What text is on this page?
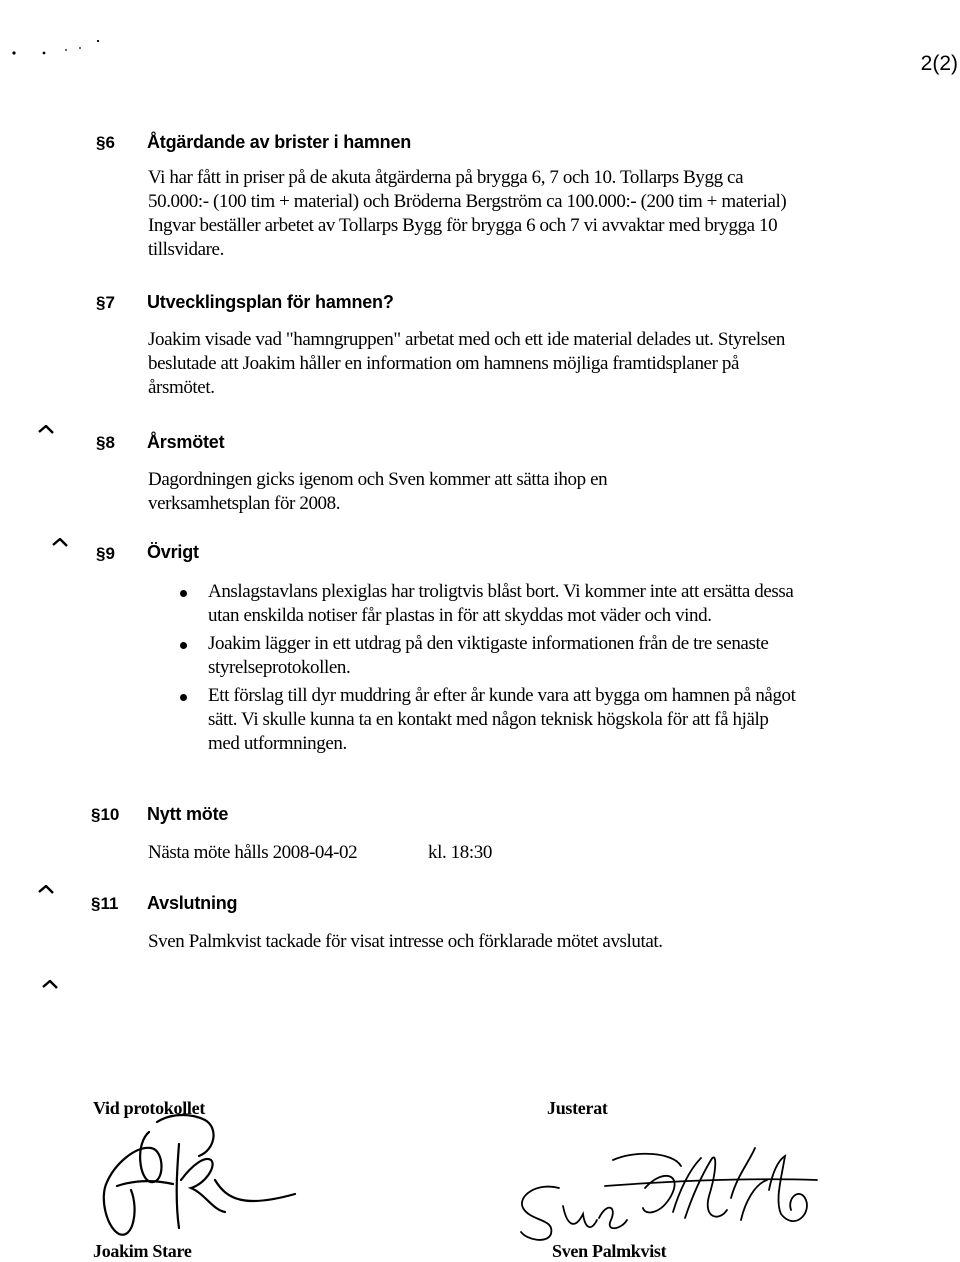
2(2)
§6 Åtgärdande av brister i hamnen
Vi har fått in priser på de akuta åtgärderna på brygga 6, 7 och 10. Tollarps Bygg ca 50.000:- (100 tim + material) och Bröderna Bergström ca 100.000:- (200 tim + material) Ingvar beställer arbetet av Tollarps Bygg för brygga 6 och 7 vi avvaktar med brygga 10 tillsvidare.
§7 Utvecklingsplan för hamnen?
Joakim visade vad "hamngruppen" arbetat med och ett ide material delades ut. Styrelsen beslutade att Joakim håller en information om hamnens möjliga framtidsplaner på årsmötet.
§8 Årsmötet
Dagordningen gicks igenom och Sven kommer att sätta ihop en verksamhetsplan för 2008.
§9 Övrigt
Anslagstavlans plexiglas har troligtvis blåst bort. Vi kommer inte att ersätta dessa utan enskilda notiser får plastas in för att skyddas mot väder och vind.
Joakim lägger in ett utdrag på den viktigaste informationen från de tre senaste styrelseprotokollen.
Ett förslag till dyr muddring år efter år kunde vara att bygga om hamnen på något sätt. Vi skulle kunna ta en kontakt med någon teknisk högskola för att få hjälp med utformningen.
§10 Nytt möte
Nästa möte hålls 2008-04-02	kl. 18:30
§11 Avslutning
Sven Palmkvist tackade för visat intresse och förklarade mötet avslutat.
Vid protokollet	Justerat
Joakim Stare	Sven Palmkvist
